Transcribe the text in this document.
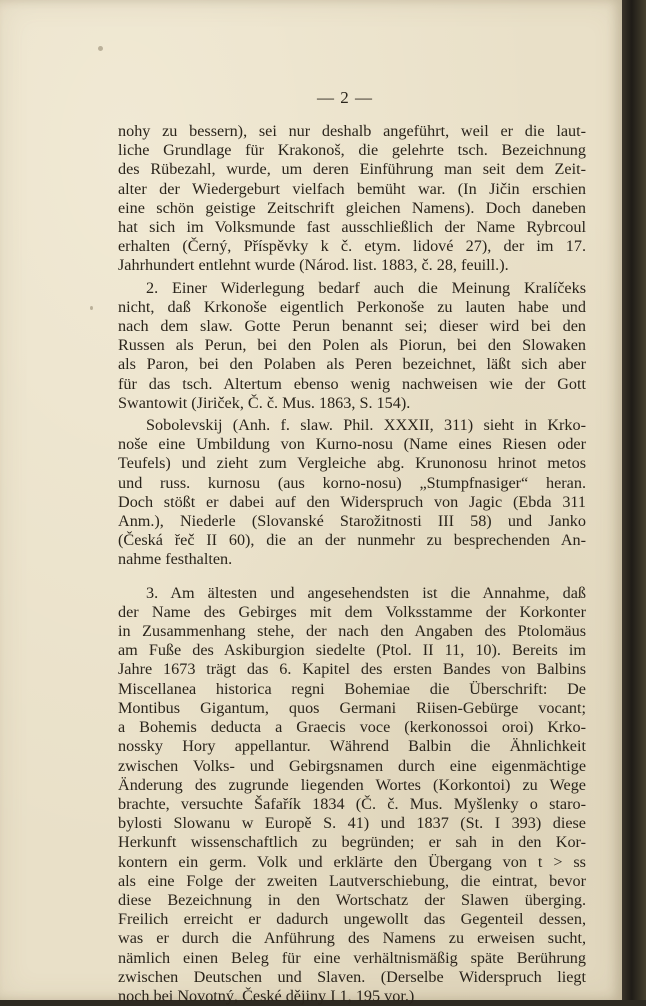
— 2 —
nohy zu bessern), sei nur deshalb angeführt, weil er die laut-
liche Grundlage für Krakonoš, die gelehrte tsch. Bezeichnung
des Rübezahl, wurde, um deren Einführung man seit dem Zeit-
alter der Wiedergeburt vielfach bemüht war. (In Jičin erschien
eine schön geistige Zeitschrift gleichen Namens). Doch daneben
hat sich im Volksmunde fast ausschließlich der Name Rybrcoul
erhalten (Černý, Příspěvky k č. etym. lidové 27), der im 17.
Jahrhundert entlehnt wurde (Národ. list. 1883, č. 28, feuill.).
2. Einer Widerlegung bedarf auch die Meinung Kralíčeks
nicht, daß Krkonoše eigentlich Perkonoše zu lauten habe und
nach dem slaw. Gotte Perun benannt sei; dieser wird bei den
Russen als Perun, bei den Polen als Piorun, bei den Slowaken
als Paron, bei den Polaben als Peren bezeichnet, läßt sich aber
für das tsch. Altertum ebenso wenig nachweisen wie der Gott
Swantowit (Jiriček, Č. č. Mus. 1863, S. 154).
Sobolevskij (Anh. f. slaw. Phil. XXXII, 311) sieht in Krko-
noše eine Umbildung von Kurno-nosu (Name eines Riesen oder
Teufels) und zieht zum Vergleiche abg. Krunonosu hrinot metos
und russ. kurnosu (aus korno-nosu) „Stumpfnasiger“ heran.
Doch stößt er dabei auf den Widerspruch von Jagic (Ebda 311
Anm.), Niederle (Slovanské Starožitnosti III 58) und Janko
(Česká řeč II 60), die an der nunmehr zu besprechenden An-
nahme festhalten.
3. Am ältesten und angesehendsten ist die Annahme, daß
der Name des Gebirges mit dem Volksstamme der Korkonter
in Zusammenhang stehe, der nach den Angaben des Ptolomäus
am Fuße des Askiburgion siedelte (Ptol. II 11, 10). Bereits im
Jahre 1673 trägt das 6. Kapitel des ersten Bandes von Balbins
Miscellanea historica regni Bohemiae die Überschrift: De
Montibus Gigantum, quos Germani Riisen-Gebürge vocant;
a Bohemis deducta a Graecis voce (kerkonossoi oroi) Krko-
nossky Hory appellantur. Während Balbin die Ähnlichkeit
zwischen Volks- und Gebirgsnamen durch eine eigenmächtige
Änderung des zugrunde liegenden Wortes (Korkontoi) zu Wege
brachte, versuchte Šafařík 1834 (Č. č. Mus. Myšlenky o staro-
bylosti Slowanu w Europě S. 41) und 1837 (St. I 393) diese
Herkunft wissenschaftlich zu begründen; er sah in den Kor-
kontern ein germ. Volk und erklärte den Übergang von t > ss
als eine Folge der zweiten Lautverschiebung, die eintrat, bevor
diese Bezeichnung in den Wortschatz der Slawen überging.
Freilich erreicht er dadurch ungewollt das Gegenteil dessen,
was er durch die Anführung des Namens zu erweisen sucht,
nämlich einen Beleg für eine verhältnismäßig späte Berührung
zwischen Deutschen und Slaven. (Derselbe Widerspruch liegt
noch bei Novotný, České dějiny I 1, 195 vor.)
